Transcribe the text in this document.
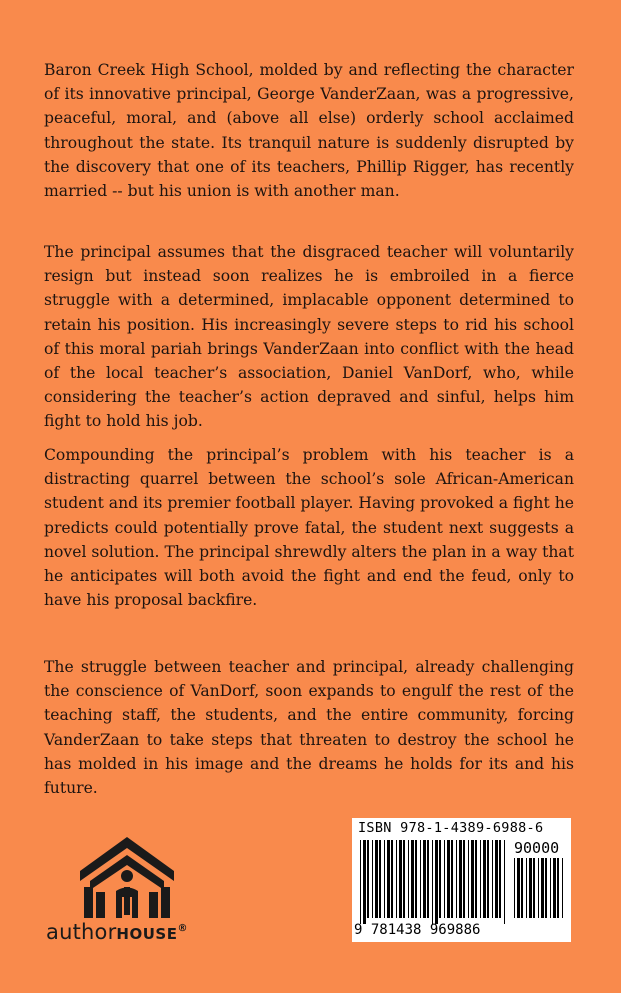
Baron Creek High School, molded by and reflecting the character of its innovative principal, George VanderZaan, was a progressive, peaceful, moral, and (above all else) orderly school acclaimed throughout the state. Its tranquil nature is suddenly disrupted by the discovery that one of its teachers, Phillip Rigger, has recently married -- but his union is with another man.
The principal assumes that the disgraced teacher will voluntarily resign but instead soon realizes he is embroiled in a fierce struggle with a determined, implacable opponent determined to retain his position. His increasingly severe steps to rid his school of this moral pariah brings VanderZaan into conflict with the head of the local teacher’s association, Daniel VanDorf, who, while considering the teacher’s action depraved and sinful, helps him fight to hold his job.
Compounding the principal’s problem with his teacher is a distracting quarrel between the school’s sole African-American student and its premier football player. Having provoked a fight he predicts could potentially prove fatal, the student next suggests a novel solution. The principal shrewdly alters the plan in a way that he anticipates will both avoid the fight and end the feud, only to have his proposal backfire.
The struggle between teacher and principal, already challenging the conscience of VanDorf, soon expands to engulf the rest of the teaching staff, the students, and the entire community, forcing VanderZaan to take steps that threaten to destroy the school he has molded in his image and the dreams he holds for its and his future.
authorHOUSE®
ISBN 978-1-4389-6988-6
90000
9 781438 969886
